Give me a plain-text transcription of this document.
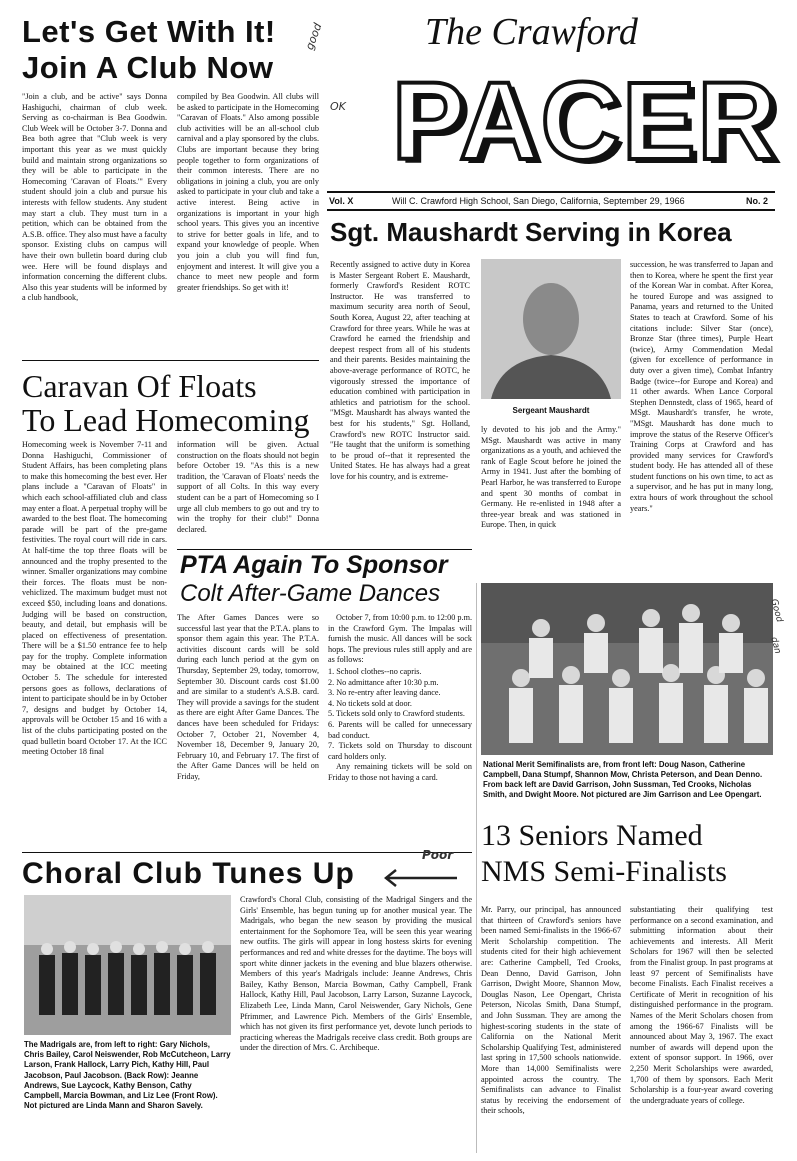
Let's Get With It!
Join A Club Now
good
"Join a club, and be active" says Donna Hashiguchi, chairman of club week. Serving as co-chairman is Bea Goodwin. Club Week will be October 3-7. Donna and Bea both agree that "Club week is very important this year as we must quickly build and maintain strong organizations so they will be able to participate in the Homecoming 'Caravan of Floats.'" Every student should join a club and pursue his interests with fellow students. Any student may start a club. They must turn in a petition, which can be obtained from the A.S.B. office. They also must have a faculty sponsor. Existing clubs on campus will have their own bulletin board during club wee. Here will be found displays and information concerning the different clubs. Also this year students will be informed by a club handbook,
compiled by Bea Goodwin. All clubs will be asked to participate in the Homecoming "Caravan of Floats." Also among possible club activities will be an all-school club carnival and a play sponsored by the clubs. Clubs are important because they bring people together to form organizations of their common interests. There are no obligations in joining a club, you are only asked to participate in your club and take a active interest. Being active in organizations is important in your high school years. This gives you an incentive to strive for better goals in life, and to expand your knowledge of people. When you join a club you will find fun, enjoyment and interest. It will give you a chance to meet new people and form greater friendships. So get with it!
OK
The Crawford
PACER
Vol. X	Will C. Crawford High School, San Diego, California, September 29, 1966	No. 2
Sgt. Maushardt Serving in Korea
Recently assigned to active duty in Korea is Master Sergeant Robert E. Maushardt, formerly Crawford's Resident ROTC Instructor. He was transferred to maximum security area north of Seoul, South Korea, August 22, after teaching at Crawford for three years. While he was at Crawford he earned the friendship and deepest respect from all of his students and their parents. Besides maintaining the above-average performance of ROTC, he vigorously stressed the importance of education combined with participation in athletics and patriotism for the school. "MSgt. Maushardt has always wanted the best for his students," Sgt. Holland, Crawford's new ROTC Instructor said. "He taught that the uniform is something to be proud of--that it represented the United States. He has always had a great love for his country, and is extreme-
Sergeant Maushardt
ly devoted to his job and the Army." MSgt. Maushardt was active in many organizations as a youth, and achieved the rank of Eagle Scout before he joined the Army in 1941. Just after the bombing of Pearl Harbor, he was transferred to Europe and spent 30 months of combat in Germany. He re-enlisted in 1948 after a three-year break and was stationed in Europe. Then, in quick
succession, he was transferred to Japan and then to Korea, where he spent the first year of the Korean War in combat. After Korea, he toured Europe and was assigned to Panama, years and returned to the United States to teach at Crawford. Some of his citations include: Silver Star (once), Bronze Star (three times), Purple Heart (twice), Army Commendation Medal (given for excellence of performance in duty over a given time), Combat Infantry Badge (twice--for Europe and Korea) and 11 other awards. When Lance Corporal Stephen Dennstedt, class of 1965, heard of MSgt. Maushardt's transfer, he wrote, "MSgt. Maushardt has done much to improve the status of the Reserve Officer's Training Corps at Crawford and has provided many services for Crawford's student body. He has attended all of these student functions on his own time, to act as a supervisor, and he has put in many long, extra hours of work throughout the school years."
Caravan Of Floats
To Lead Homecoming
Homecoming week is November 7-11 and Donna Hashiguchi, Commissioner of Student Affairs, has been completing plans to make this homecoming the best ever. Her plans include a "Caravan of Floats" in which each school-affiliated club and class may enter a float. A perpetual trophy will be awarded to the best float. The homecoming parade will be part of the pre-game festivities. The royal court will ride in cars. At half-time the top three floats will be announced and the trophy presented to the winner. Smaller organizations may combine their forces. The floats must be non-vehiclized. The maximum budget must not exceed $50, including loans and donations. Judging will be based on construction, beauty, and detail, but emphasis will be placed on effectiveness of presentation. There will be a $1.50 entrance fee to help pay for the trophy. Complete information may be obtained at the ICC meeting October 5. The schedule for interested persons goes as follows, declarations of intent to participate should be in by October 7, designs and budget by October 14, approvals will be October 15 and 16 with a list of the clubs participating posted on the quad bulletin board October 17. At the ICC meeting October 18 final
information will be given. Actual construction on the floats should not begin before October 19. "As this is a new tradition, the 'Caravan of Floats' needs the support of all Colts. In this way every student can be a part of Homecoming so I urge all club members to go out and try to win the trophy for their club!" Donna declared.
PTA Again To Sponsor
Colt After-Game Dances
The After Games Dances were so successful last year that the P.T.A. plans to sponsor them again this year. The P.T.A. activities discount cards will be sold during each lunch period at the gym on Thursday, September 29, today, tomorrow, September 30. Discount cards cost $1.00 and are similar to a student's A.S.B. card. They will provide a savings for the student as there are eight After Game Dances. The dances have been scheduled for Fridays: October 7, October 21, November 4, November 18, December 9, January 20, February 10, and February 17. The first of the After Game Dances will be held on Friday,

October 7, from 10:00 p.m. to 12:00 p.m. in the Crawford Gym. The Impalas will furnish the music. All dances will be sock hops. The previous rules still apply and are as follows:

1. School clothes--no capris.
2. No admittance after 10:30 p.m.
3. No re-entry after leaving dance.
4. No tickets sold at door.
5. Tickets sold only to Crawford students.
6. Parents will be called for unnecessary bad conduct.
7. Tickets sold on Thursday to discount card holders only.

Any remaining tickets will be sold on Friday to those not having a card.

Good
dan
National Merit Semifinalists are, from front left: Doug Nason, Catherine Campbell, Dana Stumpf, Shannon Mow, Christa Peterson, and Dean Denno. From back left are David Garrison, John Sussman, Ted Crooks, Nicholas Smith, and Dwight Moore. Not pictured are Jim Garrison and Lee Opengart.
13 Seniors Named
NMS Semi-Finalists
Mr. Parry, our principal, has announced that thirteen of Crawford's seniors have been named Semi-finalists in the 1966-67 Merit Scholarship competition. The students cited for their high achievement are: Catherine Campbell, Ted Crooks, Dean Denno, David Garrison, John Garrison, Dwight Moore, Shannon Mow, Douglas Nason, Lee Opengart, Christa Peterson, Nicolas Smith, Dana Stumpf, and John Sussman. They are among the highest-scoring students in the state of California on the National Merit Scholarship Qualifying Test, administered last spring in 17,500 schools nationwide. More than 14,000 Semifinalists were appointed across the country. The Semifinalists can advance to Finalist status by receiving the endorsement of their schools,
substantiating their qualifying test performance on a second examination, and submitting information about their achievements and interests. All Merit Scholars for 1967 will then be selected from the Finalist group. In past programs at least 97 percent of Semifinalists have become Finalists. Each Finalist receives a Certificate of Merit in recognition of his distinguished performance in the program. Names of the Merit Scholars chosen from among the 1966-67 Finalists will be announced about May 3, 1967. The exact number of awards will depend upon the extent of sponsor support. In 1966, over 2,250 Merit Scholarships were awarded, 1,700 of them by sponsors. Each Merit Scholarship is a four-year award covering the undergraduate years of college.
Choral Club Tunes Up
Poor
The Madrigals are, from left to right: Gary Nichols, Chris Bailey, Carol Neiswender, Rob McCutcheon, Larry Larson, Frank Hallock, Larry Pich, Kathy Hill, Paul Jacobson, Paul Jacobson. (Back Row): Jeanne Andrews, Sue Laycock, Kathy Benson, Cathy Campbell, Marcia Bowman, and Liz Lee (Front Row). Not pictured are Linda Mann and Sharon Savely.
Crawford's Choral Club, consisting of the Madrigal Singers and the Girls' Ensemble, has begun tuning up for another musical year. The Madrigals, who began the new season by providing the musical entertainment for the Sophomore Tea, will be seen this year wearing new outfits. The girls will appear in long hostess skirts for evening performances and red and white dresses for the daytime. The boys will sport white dinner jackets in the evening and blue blazers otherwise. Members of this year's Madrigals include: Jeanne Andrews, Chris Bailey, Kathy Benson, Marcia Bowman, Cathy Campbell, Frank Hallock, Kathy Hill, Paul Jacobson, Larry Larson, Suzanne Laycock, Elizabeth Lee, Linda Mann, Carol Neiswender, Gary Nichols, Gene Pfrimmer, and Lawrence Pich. Members of the Girls' Ensemble, which has not given its first performance yet, devote lunch periods to practicing whereas the Madrigals receive class credit. Both groups are under the direction of Mrs. C. Archibeque.
